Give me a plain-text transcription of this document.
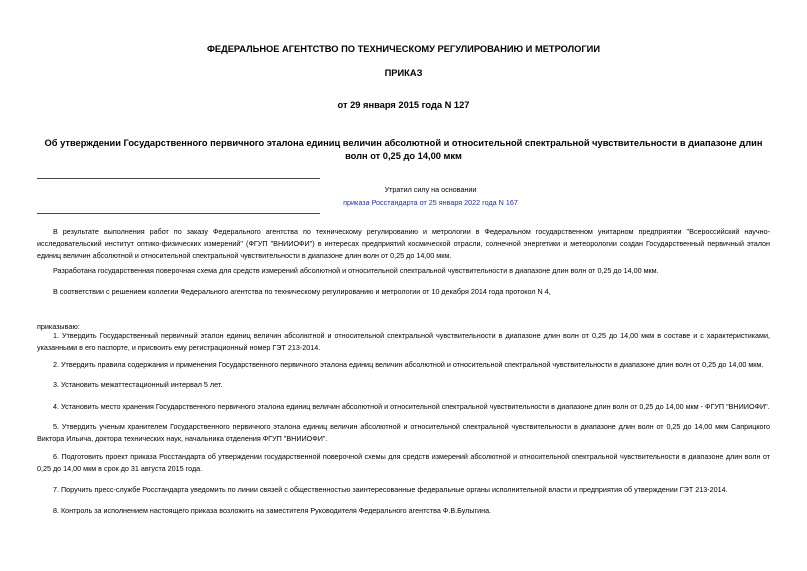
ФЕДЕРАЛЬНОЕ АГЕНТСТВО ПО ТЕХНИЧЕСКОМУ РЕГУЛИРОВАНИЮ И МЕТРОЛОГИИ
ПРИКАЗ
от 29 января 2015 года N 127
Об утверждении Государственного первичного эталона единиц величин абсолютной и относительной спектральной чувствительности в диапазоне длин волн от 0,25 до 14,00 мкм
Утратил силу на основании
приказа Росстандарта от 25 января 2022 года N 167
В результате выполнения работ по заказу Федерального агентства по техническому регулированию и метрологии в Федеральном государственном унитарном предприятии "Всероссийский научно-исследовательский институт оптико-физических измерений" (ФГУП "ВНИИОФИ") в интересах предприятий космической отрасли, солнечной энергетики и метеорологии создан Государственный первичный эталон единиц величин абсолютной и относительной спектральной чувствительности в диапазоне длин волн от 0,25 до 14,00 мкм.
Разработана государственная поверочная схема для средств измерений абсолютной и относительной спектральной чувствительности в диапазоне длин волн от 0,25 до 14,00 мкм.
В соответствии с решением коллегии Федерального агентства по техническому регулированию и метрологии от 10 декабря 2014 года протокол N 4,
приказываю:
1. Утвердить Государственный первичный эталон единиц величин абсолютной и относительной спектральной чувствительности в диапазоне длин волн от 0,25 до 14,00 мкм в составе и с характеристиками, указанными в его паспорте, и присвоить ему регистрационный номер ГЭТ 213-2014.
2. Утвердить правила содержания и применения Государственного первичного эталона единиц величин абсолютной и относительной спектральной чувствительности в диапазоне длин волн от 0,25 до 14,00 мкм.
3. Установить межаттестационный интервал 5 лет.
4. Установить место хранения Государственного первичного эталона единиц величин абсолютной и относительной спектральной чувствительности в диапазоне длин волн от 0,25 до 14,00 мкм - ФГУП "ВНИИОФИ".
5. Утвердить ученым хранителем Государственного первичного эталона единиц величин абсолютной и относительной спектральной чувствительности в диапазоне длин волн от 0,25 до 14,00 мкм Саприцкого Виктора Ильича, доктора технических наук, начальника отделения ФГУП "ВНИИОФИ".
6. Подготовить проект приказа Росстандарта об утверждении государственной поверочной схемы для средств измерений абсолютной и относительной спектральной чувствительности в диапазоне длин волн от 0,25 до 14,00 мкм в срок до 31 августа 2015 года.
7. Поручить пресс-службе Росстандарта уведомить по линии связей с общественностью заинтересованные федеральные органы исполнительной власти и предприятия об утверждении ГЭТ 213-2014.
8. Контроль за исполнением настоящего приказа возложить на заместителя Руководителя Федерального агентства Ф.В.Булыгина.
